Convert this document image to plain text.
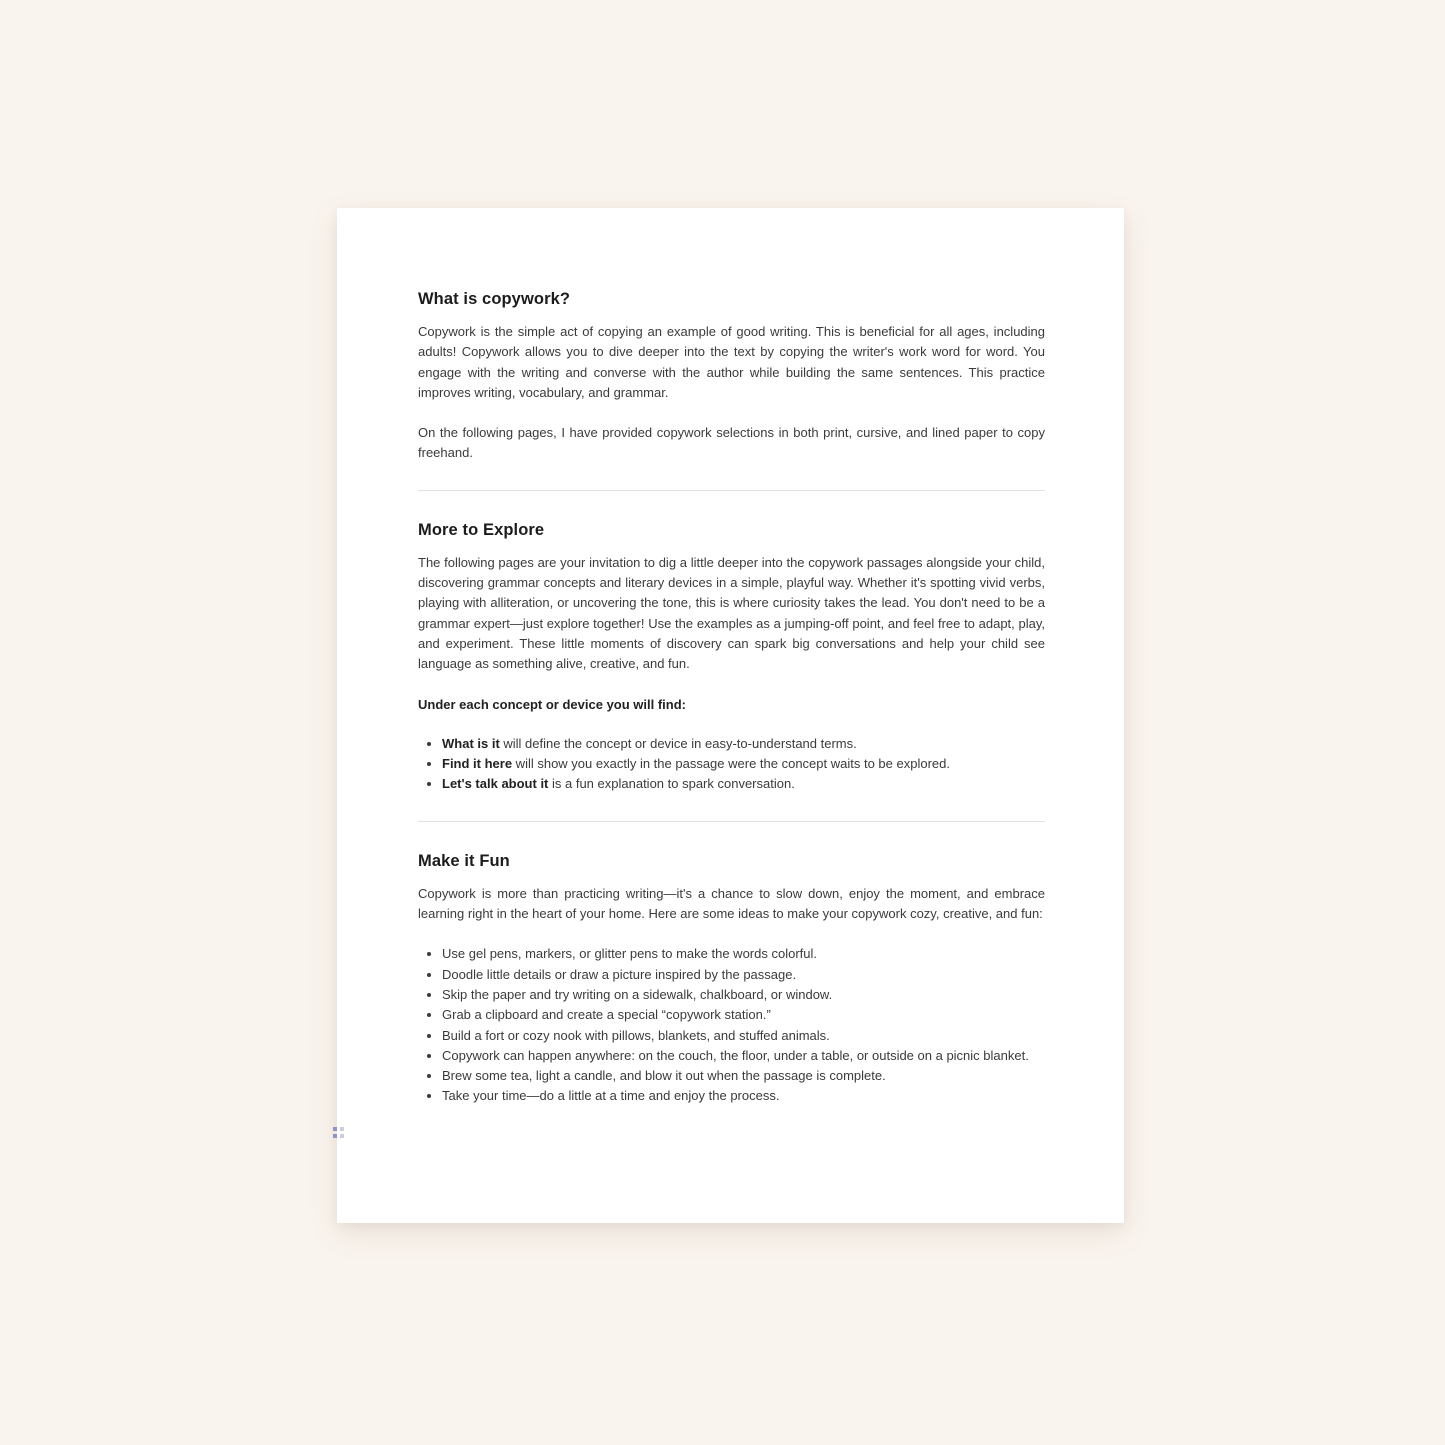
What is copywork?

Copywork is the simple act of copying an example of good writing. This is beneficial for all ages, including adults! Copywork allows you to dive deeper into the text by copying the writer's work word for word. You engage with the writing and converse with the author while building the same sentences. This practice improves writing, vocabulary, and grammar.

On the following pages, I have provided copywork selections in both print, cursive, and lined paper to copy freehand.

More to Explore

The following pages are your invitation to dig a little deeper into the copywork passages alongside your child, discovering grammar concepts and literary devices in a simple, playful way. Whether it's spotting vivid verbs, playing with alliteration, or uncovering the tone, this is where curiosity takes the lead. You don't need to be a grammar expert—just explore together! Use the examples as a jumping-off point, and feel free to adapt, play, and experiment. These little moments of discovery can spark big conversations and help your child see language as something alive, creative, and fun.

Under each concept or device you will find:

• What is it will define the concept or device in easy-to-understand terms.
• Find it here will show you exactly in the passage were the concept waits to be explored.
• Let's talk about it is a fun explanation to spark conversation.
Make it Fun

Copywork is more than practicing writing—it's a chance to slow down, enjoy the moment, and embrace learning right in the heart of your home. Here are some ideas to make your copywork cozy, creative, and fun:

• Use gel pens, markers, or glitter pens to make the words colorful.
• Doodle little details or draw a picture inspired by the passage.
• Skip the paper and try writing on a sidewalk, chalkboard, or window.
• Grab a clipboard and create a special “copywork station.”
• Build a fort or cozy nook with pillows, blankets, and stuffed animals.
• Copywork can happen anywhere: on the couch, the floor, under a table, or outside on a picnic blanket.
• Brew some tea, light a candle, and blow it out when the passage is complete.
• Take your time—do a little at a time and enjoy the process.
